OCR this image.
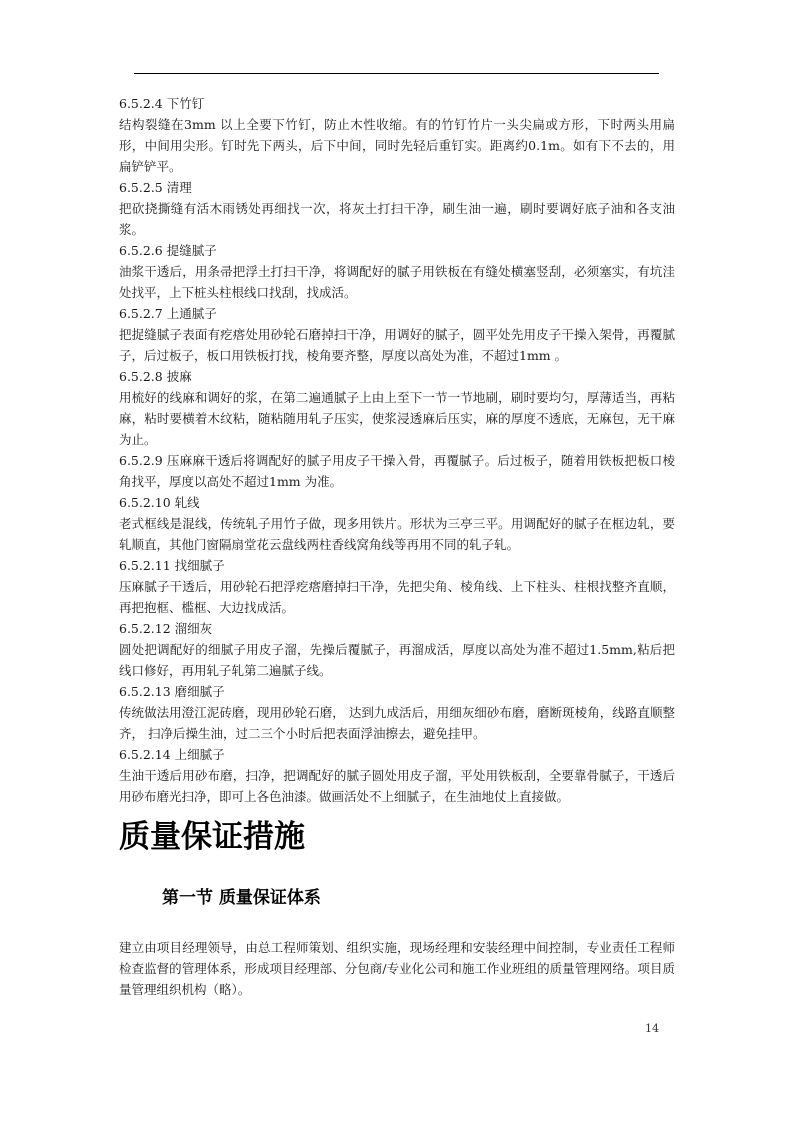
6.5.2.4 下竹钉

结构裂缝在3mm 以上全要下竹钉，防止木性收缩。有的竹钉竹片一头尖扁或方形，下时两头用扁形，中间用尖形。钉时先下两头，后下中间，同时先轻后重钉实。距离约0.1m。如有下不去的，用扁铲铲平。

6.5.2.5 清理

把砍挠撕缝有活木雨锈处再细找一次，将灰土打扫干净，刷生油一遍，刷时要调好底子油和各支油浆。

6.5.2.6 提缝腻子

油浆干透后，用条帚把浮土打扫干净，将调配好的腻子用铁板在有缝处横塞竖刮，必须塞实，有坑洼处找平，上下桩头柱根线口找刮，找成活。

6.5.2.7 上通腻子

把捉缝腻子表面有疙瘩处用砂轮石磨掉扫干净，用调好的腻子，圆平处先用皮子干操入架骨，再覆腻子，后过板子，板口用铁板打找，棱角要齐整，厚度以高处为准，不超过1mm 。

6.5.2.8 披麻

用梳好的线麻和调好的浆，在第二遍通腻子上由上至下一节一节地刷，刷时要均匀，厚薄适当，再粘麻，粘时要横着木纹粘，随粘随用轧子压实，使浆浸透麻后压实，麻的厚度不透底，无麻包，无干麻为止。

6.5.2.9 压麻麻干透后将调配好的腻子用皮子干操入骨，再覆腻子。后过板子，随着用铁板把板口棱角找平，厚度以高处不超过1mm 为准。

6.5.2.10 轧线

老式框线是混线，传统轧子用竹子做，现多用铁片。形状为三亭三平。用调配好的腻子在框边轧，要轧顺直，其他门窗隔扇堂花云盘线两柱香线窝角线等再用不同的轧子轧。

6.5.2.11 找细腻子

压麻腻子干透后，用砂轮石把浮疙瘩磨掉扫干净，先把尖角、棱角线、上下柱头、柱根找整齐直顺，再把抱框、槛框、大边找成活。

6.5.2.12 溜细灰

圆处把调配好的细腻子用皮子溜，先操后覆腻子，再溜成活，厚度以高处为准不超过1.5mm,粘后把线口修好，再用轧子轧第二遍腻子线。

6.5.2.13 磨细腻子

传统做法用澄江泥砖磨，现用砂轮石磨， 达到九成活后，用细灰细砂布磨，磨断斑棱角，线路直顺整齐， 扫净后操生油，过二三个小时后把表面浮油擦去，避免挂甲。

6.5.2.14 上细腻子

生油干透后用砂布磨，扫净，把调配好的腻子圆处用皮子溜，平处用铁板刮，全要靠骨腻子，干透后用砂布磨光扫净，即可上各色油漆。做画活处不上细腻子，在生油地仗上直接做。

质量保证措施
第一节 质量保证体系

建立由项目经理领导，由总工程师策划、组织实施，现场经理和安装经理中间控制，专业责任工程师检查监督的管理体系，形成项目经理部、分包商/专业化公司和施工作业班组的质量管理网络。项目质量管理组织机构（略）。

14
